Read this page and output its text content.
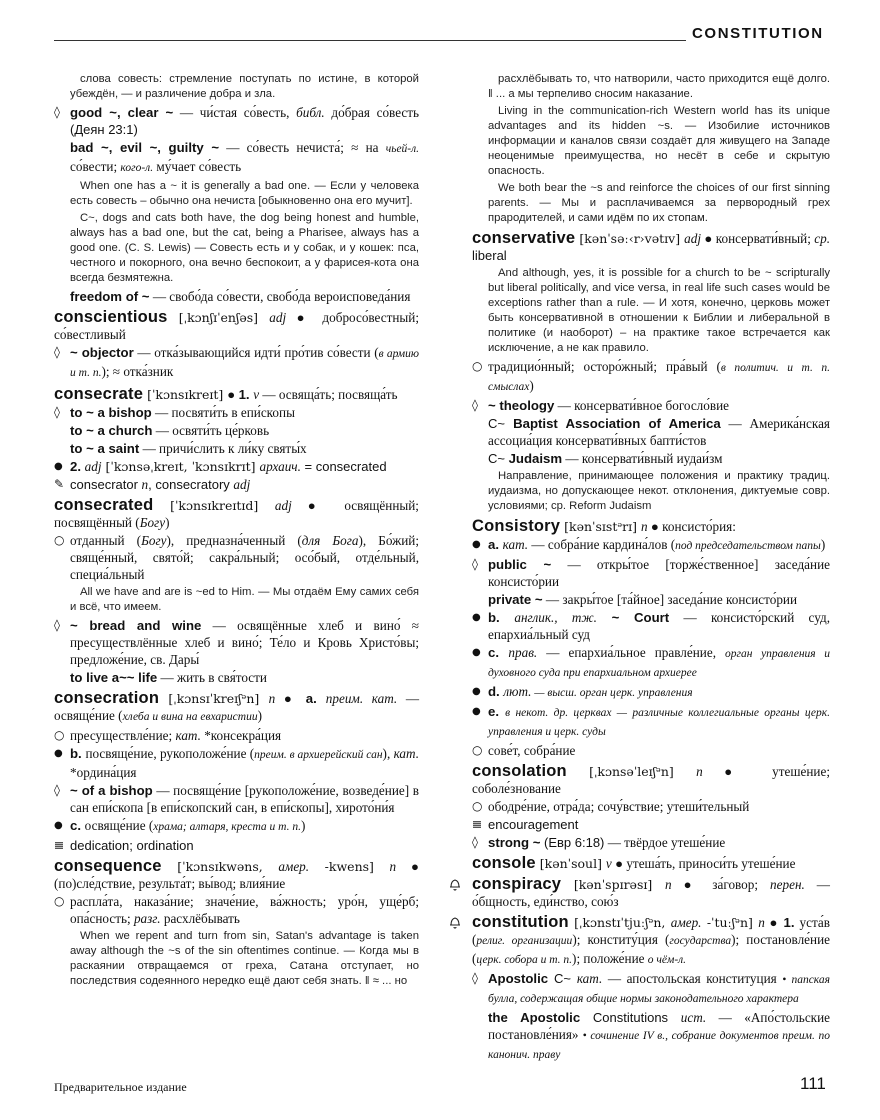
CONSTITUTION
слова совесть: стремление поступать по истине, в которой убеждён, — и различение добра и зла.
◊ good ~, clear ~ — чи́стая со́весть, библ. до́брая со́весть (Деян 23:1)
bad ~, evil ~, guilty ~ — со́весть нечиста́; ≈ на чьей-л. со́вести; кого-л. му́чает со́весть
When one has a ~ it is generally a bad one. — Если у человека есть совесть – обычно она нечиста [обыкновенно она его мучит].
C~, dogs and cats both have, the dog being honest and humble, always has a bad one, but the cat, being a Pharisee, always has a good one. (C. S. Lewis) — Совесть есть и у собак, и у кошек: пса, честного и покорного, она вечно беспокоит, а у фарисея-кота она всегда безмятежна.
freedom of ~ — свобо́да со́вести, свобо́да вероисповеда́ния
conscientious [ˌkɔnʃɪˈenʃəs] adj ● добросо́вестный; со́вестливый
◊ ~ objector — отка́зывающийся идти́ про́тив со́вести (в армию и т. п.); ≈ отка́зник
consecrate [ˈkɔnsɪkreɪt] ● 1. v — освяща́ть; посвяща́ть
◊ to ~ a bishop — посвяти́ть в епи́скопы
to ~ a church — освяти́ть це́рковь
to ~ a saint — причи́слить к ли́ку святы́х
● 2. adj [ˈkɔnsəˌkreɪt, ˈkɔnsɪkrɪt] архаич. = consecrated
✎ consecrator n, consecratory adj
consecrated [ˈkɔnsɪkreɪtɪd] adj ● освящённый; посвящённый (Богу)
○ отданный (Богу), предназна́ченный (для Бога), Бо́жий; свяще́нный, свято́й; сакра́льный; осо́бый, отде́льный, специа́льный
All we have and are is ~ed to Him. — Мы отдаём Ему самих себя и всё, что имеем.
◊ ~ bread and wine — освящённые хлеб и вино́ ≈ пресуществлённые хлеб и вино́; Те́ло и Кровь Христо́вы; предложе́ние, св. Дары́
to live a~~ life — жить в свя́тости
consecration [ˌkɔnsɪˈkreɪʃᵊn] n ● a. преим. кат. — освяще́ние (хлеба и вина на евхаристии)
○ пресуществле́ние; кат. *консекра́ция
● b. посвяще́ние, рукоположе́ние (преим. в архиерейский сан), кат. *ордина́ция
◊ ~ of a bishop — посвяще́ние [рукоположе́ние, возведе́ние] в сан епи́скопа [в епи́скопский сан, в епи́скопы], хирото́ни́я
● c. освяще́ние (храма; алтаря, креста и т. п.)
dedication; ordination
consequence [ˈkɔnsɪkwəns, амер. -kwens] n ● (по)сле́дствие, результа́т; вы́вод; влия́ние
○ распла́та, наказа́ние; значе́ние, ва́жность; уро́н, уще́рб; опа́сность; разг. расхлёбывать
When we repent and turn from sin, Satan's advantage is taken away although the ~s of the sin oftentimes continue. — Когда мы в раскаянии отвращаемся от греха, Сатана отступает, но последствия содеянного нередко ещё дают себя знать. ‖ ≈ ... но
расхлёбывать то, что натворили, часто приходится ещё долго. ‖ ... а мы терпеливо сносим наказание.
Living in the communication-rich Western world has its unique advantages and its hidden ~s. — Изобилие источников информации и каналов связи создаёт для живущего на Западе неоценимые преимущества, но несёт в себе и скрытую опасность.
We both bear the ~s and reinforce the choices of our first sinning parents. — Мы и расплачиваемся за первородный грех прародителей, и сами идём по их стопам.
conservative [kənˈsəː‹r›vətɪv] adj ● консервати́вный; ср. liberal
And although, yes, it is possible for a church to be ~ scripturally but liberal politically, and vice versa, in real life such cases would be exceptions rather than a rule. — И хотя, конечно, церковь может быть консервативной в отношении к Библии и либеральной в политике (и наоборот) – на практике такое встречается как исключение, а не как правило.
○ традицио́нный; осторо́жный; пра́вый (в политич. и т. п. смыслах)
◊ ~ theology — консервати́вное богосло́вие
C~ Baptist Association of America — Америка́нская ассоциа́ция консервати́вных бапти́стов
C~ Judaism — консервати́вный иудаи́зм
Направление, принимающее положения и практику традиц. иудаизма, но допускающее некот. отклонения, диктуемые совр. условиями; ср. Reform Judaism
Consistory [kənˈsɪstᵊrɪ] n ● консисто́рия:
● a. кат. — собра́ние кардина́лов (под председательством папы)
◊ public ~ — откры́тое [торже́ственное] заседа́ние консисто́рии
private ~ — закры́тое [та́йное] заседа́ние консисто́рии
● b. англик., тж. ~ Court — консисто́рский суд, епархиа́льный суд
● c. прав. — епархиа́льное правле́ние, орган управления и духовного суда при епархиальном архиерее
● d. лют. — высш. орган церк. управления
● e. в некот. др. церквах — различные коллегиальные органы церк. управления и церк. суды
○ сове́т, собра́ние
consolation [ˌkɔnsəˈleɪʃᵊn] n ● утеше́ние; соболе́знование
○ ободре́ние, отра́да; сочу́вствие; утеши́тельный
encouragement
◊ strong ~ (Евр 6:18) — твёрдое утеше́ние
console [kənˈsoul] v ● утеша́ть, приноси́ть утеше́ние
conspiracy [kənˈspɪrəsɪ] n ● за́говор; перен. — о́бщность, еди́нство, сою́з
constitution [ˌkɔnstɪˈtjuːʃᵊn, амер. -ˈtuːʃᵊn] n ● 1. уста́в (религ. организации); конститу́ция (государства); постановле́ние (церк. собора и т. п.); положе́ние о чём-л.
◊ Apostolic C~ кат. — апостольская конституция • папская булла, содержащая общие нормы законодательного характера
the Apostolic Constitutions ист. — «Апо́стольские постановле́ния» • сочинение IV в., собрание документов преим. по канонич. праву
Предварительное издание	111
